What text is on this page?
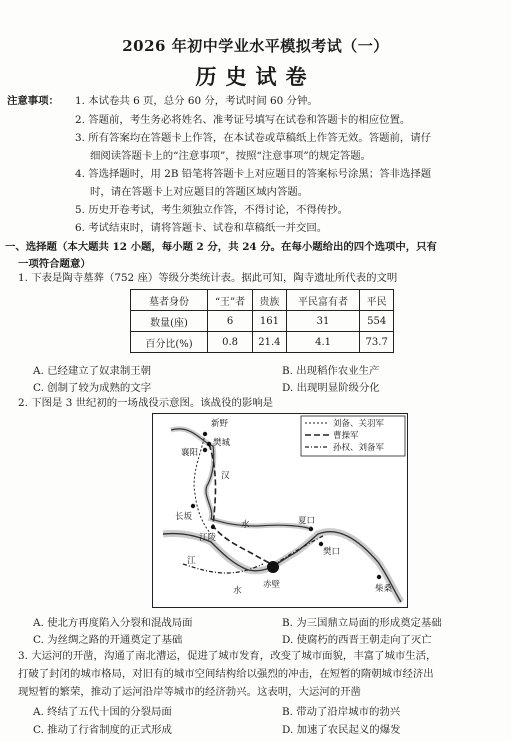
2026 年初中学业水平模拟考试（一）
历史试卷
注意事项： 1. 本试卷共 6 页，总分 60 分，考试时间 60 分钟。
2. 答题前，考生务必将姓名、准考证号填写在试卷和答题卡的相应位置。
3. 所有答案均在答题卡上作答，在本试卷或草稿纸上作答无效。答题前，请仔
细阅读答题卡上的“注意事项”，按照“注意事项”的规定答题。
4. 答选择题时，用 2B 铅笔将答题卡上对应题目的答案标号涂黑；答非选择题
时，请在答题卡上对应题目的答题区域内答题。
5. 历史开卷考试，考生须独立作答，不得讨论，不得传抄。
6. 考试结束时，请将答题卡、试卷和草稿纸一并交回。
一、选择题（本大题共 12 小题，每小题 2 分，共 24 分。在每小题给出的四个选项中，只有
一项符合题意）
1. 下表是陶寺墓葬（752 座）等级分类统计表。据此可知，陶寺遗址所代表的文明
墓者身份	“王”者	贵族	平民富有者	平民
数量(座)	6	161	31	554
百分比(%)	0.8	21.4	4.1	73.7
A. 已经建立了奴隶制王朝	B. 出现稻作农业生产
C. 创制了较为成熟的文字	D. 出现明显阶级分化
2. 下图是 3 世纪初的一场战役示意图。该战役的影响是
刘备、关羽军
曹操军
孙权、刘备军
新野
樊城
襄阳
汉
长坂
江陵
夏口
樊口
江
赤壁
水	柴桑
水
A. 使北方再度陷入分裂和混战局面	B. 为三国鼎立局面的形成奠定基础
C. 为丝绸之路的开通奠定了基础	D. 使腐朽的西晋王朝走向了灭亡
3. 大运河的开凿，沟通了南北漕运，促进了城市发育，改变了城市面貌，丰富了城市生活，
打破了封闭的城市格局，对旧有的城市空间结构给以强烈的冲击，在短暂的隋朝城市经济出
现短暂的繁荣，推动了运河沿岸等城市的经济勃兴。这表明，大运河的开凿
A. 终结了五代十国的分裂局面	B. 带动了沿岸城市的勃兴
C. 推动了行省制度的正式形成	D. 加速了农民起义的爆发
